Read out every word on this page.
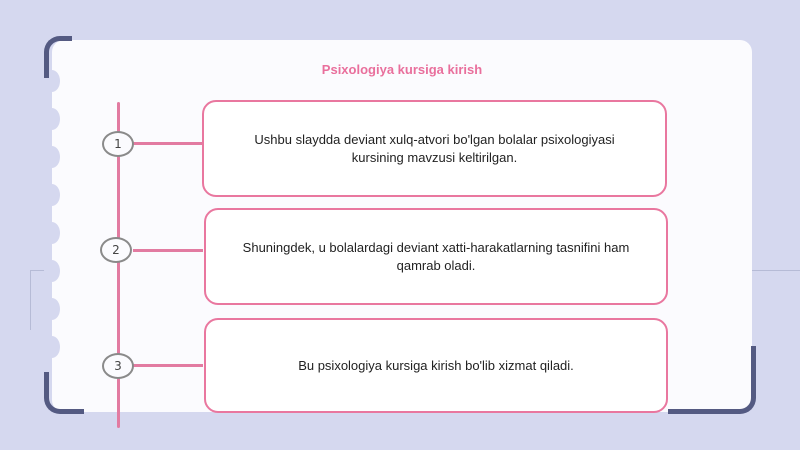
Psixologiya kursiga kirish
1	Ushbu slaydda deviant xulq-atvori bo'lgan bolalar psixologiyasi kursining mavzusi keltirilgan.
2	Shuningdek, u bolalardagi deviant xatti-harakatlarning tasnifini ham qamrab oladi.
3	Bu psixologiya kursiga kirish bo'lib xizmat qiladi.
